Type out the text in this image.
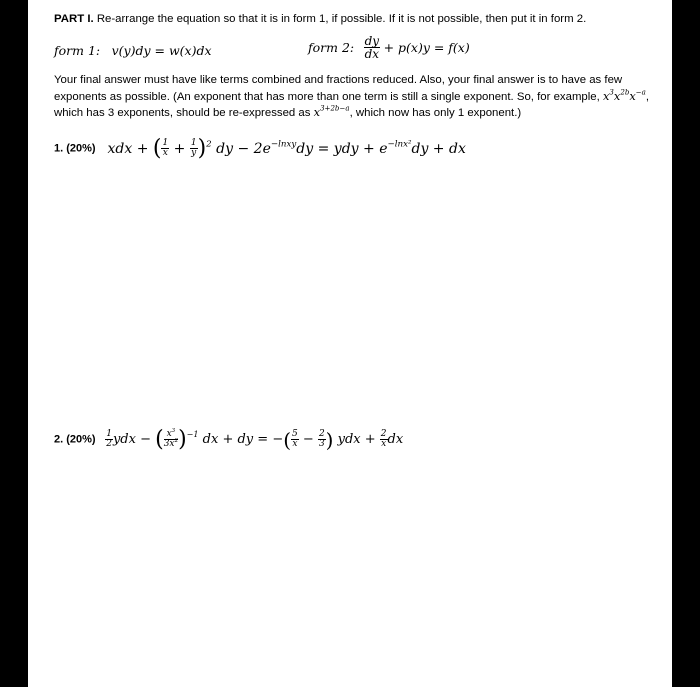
PART I. Re-arrange the equation so that it is in form 1, if possible. If it is not possible, then put it in form 2.
form 1: v(y)dy = w(x)dx	form 2: $\frac{dy}{dx} + p(x)y = f(x)$
Your final answer must have like terms combined and fractions reduced. Also, your final answer is to have as few
exponents as possible. (An exponent that has more than one term is still a single exponent. So, for example, $x^3x^{2b}x^{-a}$,
which has 3 exponents, should be re-expressed as $x^{3+2b-a}$, which now has only 1 exponent.)
1. (20%) xdx + ( $\frac{1}{x} + \frac{1}{y} )^2$ dy − $2e^{-lnxy}dy$ = ydy + $e^{-lnx^2}dy$ + dx
2. $(20\%) \frac{1}{2}$ ydx − ( $\frac{x^3}{3x^2} )^{-1}$ dx + dy = −( $\frac{5}{x} - \frac{2}{3}$ ) ydx + $\frac{2}{x}$ dx
